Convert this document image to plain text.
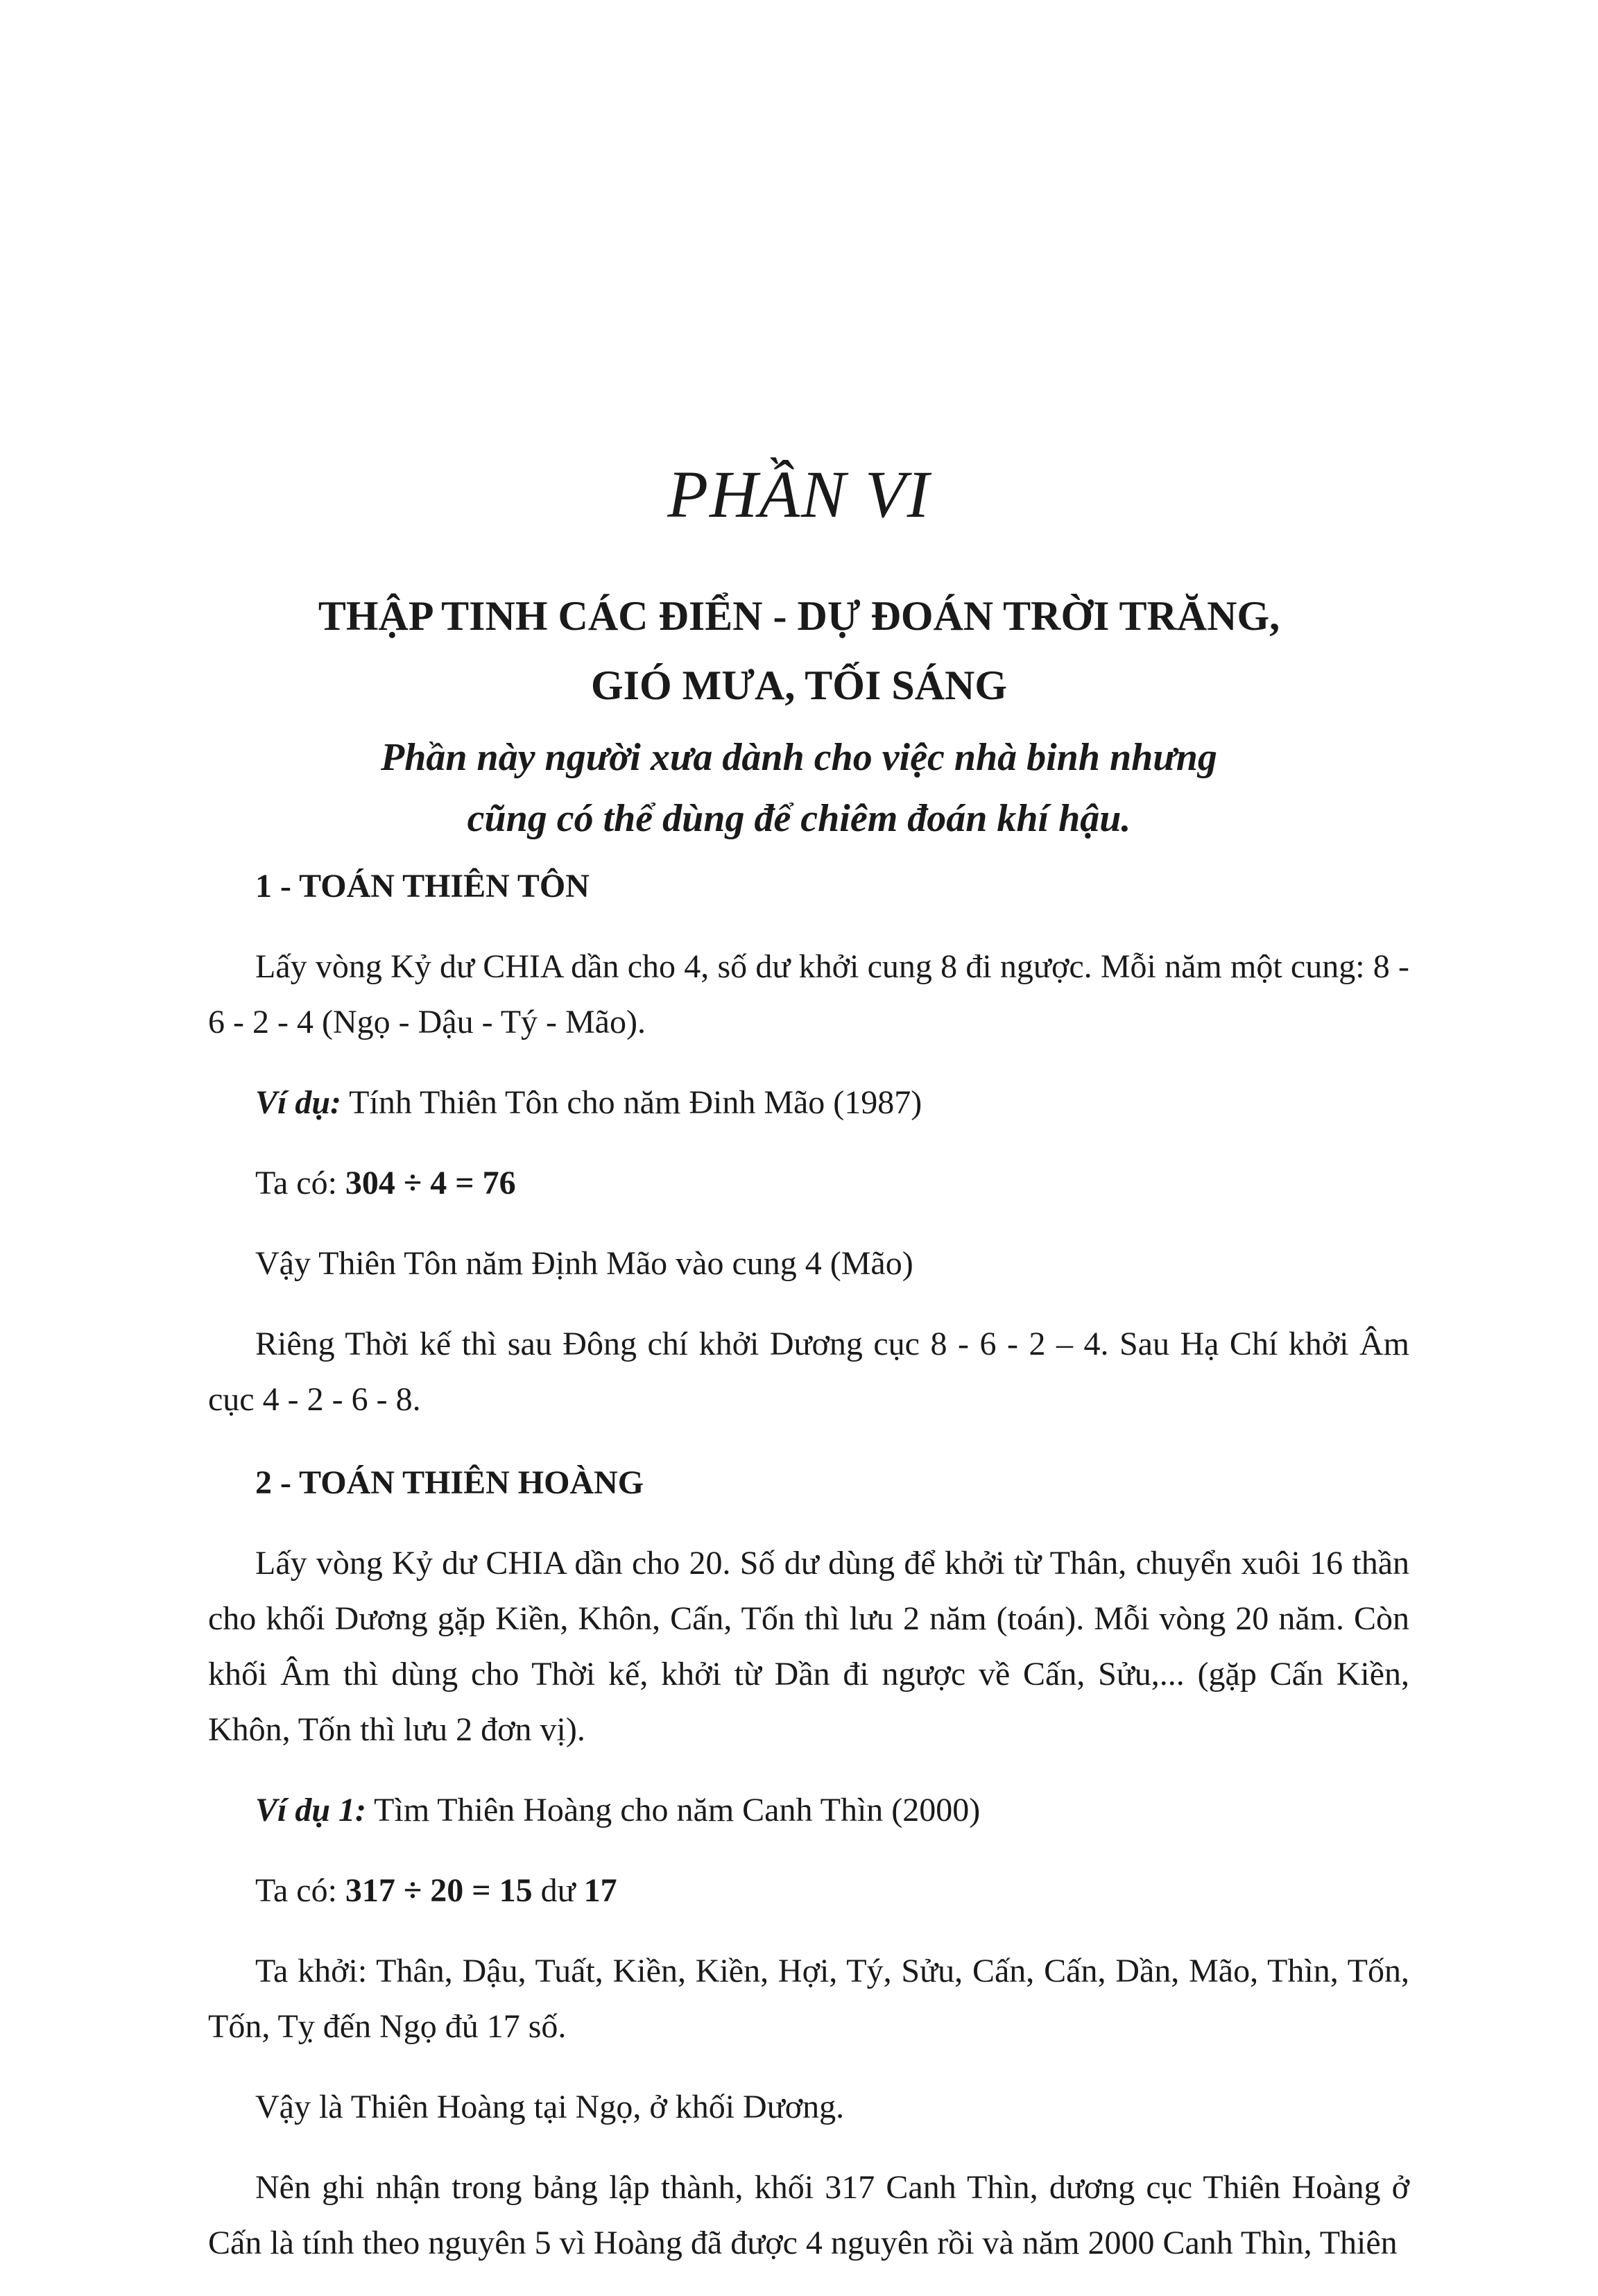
PHẦN VI
THẬP TINH CÁC ĐIỂN - DỰ ĐOÁN TRỜI TRĂNG,
GIÓ MƯA, TỐI SÁNG
Phần này người xưa dành cho việc nhà binh nhưng
cũng có thể dùng để chiêm đoán khí hậu.
1 - TOÁN THIÊN TÔN

Lấy vòng Kỷ dư CHIA dần cho 4, số dư khởi cung 8 đi ngược. Mỗi năm một cung: 8 - 6 - 2 - 4 (Ngọ - Dậu - Tý - Mão).

Ví dụ: Tính Thiên Tôn cho năm Đinh Mão (1987)

Ta có: 304 ÷ 4 = 76

Vậy Thiên Tôn năm Định Mão vào cung 4 (Mão)

Riêng Thời kế thì sau Đông chí khởi Dương cục 8 - 6 - 2 – 4. Sau Hạ Chí khởi Âm cục 4 - 2 - 6 - 8.

2 - TOÁN THIÊN HOÀNG

Lấy vòng Kỷ dư CHIA dần cho 20. Số dư dùng để khởi từ Thân, chuyển xuôi 16 thần cho khối Dương gặp Kiền, Khôn, Cấn, Tốn thì lưu 2 năm (toán). Mỗi vòng 20 năm. Còn khối Âm thì dùng cho Thời kế, khởi từ Dần đi ngược về Cấn, Sửu,... (gặp Cấn Kiền, Khôn, Tốn thì lưu 2 đơn vị).

Ví dụ 1: Tìm Thiên Hoàng cho năm Canh Thìn (2000)

Ta có: 317 ÷ 20 = 15 dư 17

Ta khởi: Thân, Dậu, Tuất, Kiền, Kiền, Hợi, Tý, Sửu, Cấn, Cấn, Dần, Mão, Thìn, Tốn, Tốn, Tỵ đến Ngọ đủ 17 số.

Vậy là Thiên Hoàng tại Ngọ, ở khối Dương.

Nên ghi nhận trong bảng lập thành, khối 317 Canh Thìn, dương cục Thiên Hoàng ở Cấn là tính theo nguyên 5 vì Hoàng đã được 4 nguyên rồi và năm 2000 Canh Thìn, Thiên
